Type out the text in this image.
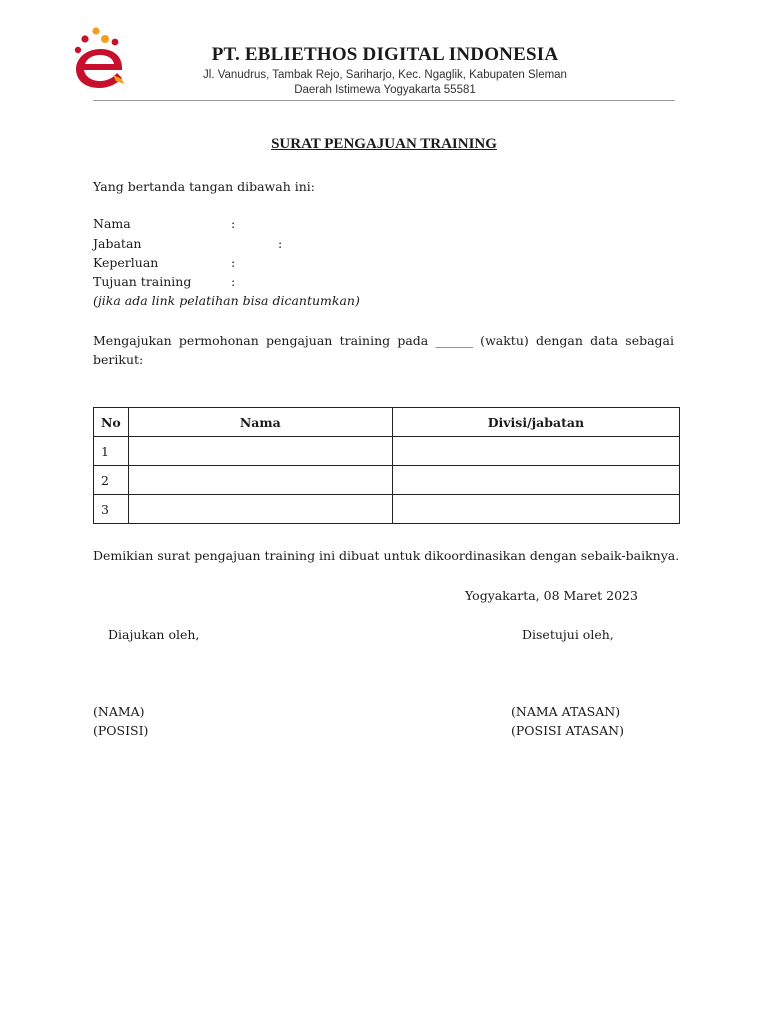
PT. EBLIETHOS DIGITAL INDONESIA
Jl. Vanudrus, Tambak Rejo, Sariharjo, Kec. Ngaglik, Kabupaten Sleman
Daerah Istimewa Yogyakarta 55581
SURAT PENGAJUAN TRAINING
Yang bertanda tangan dibawah ini:
Nama	:
Jabatan	:
Keperluan	:
Tujuan training	:
(jika ada link pelatihan bisa dicantumkan)
Mengajukan permohonan pengajuan training pada ______ (waktu) dengan data sebagai berikut:
No	Nama	Divisi/jabatan
1		
2		
3		
Demikian surat pengajuan training ini dibuat untuk dikoordinasikan dengan sebaik-baiknya.
Yogyakarta, 08 Maret 2023
Diajukan oleh,	Disetujui oleh,
(NAMA)
(POSISI)
(NAMA ATASAN)
(POSISI ATASAN)
